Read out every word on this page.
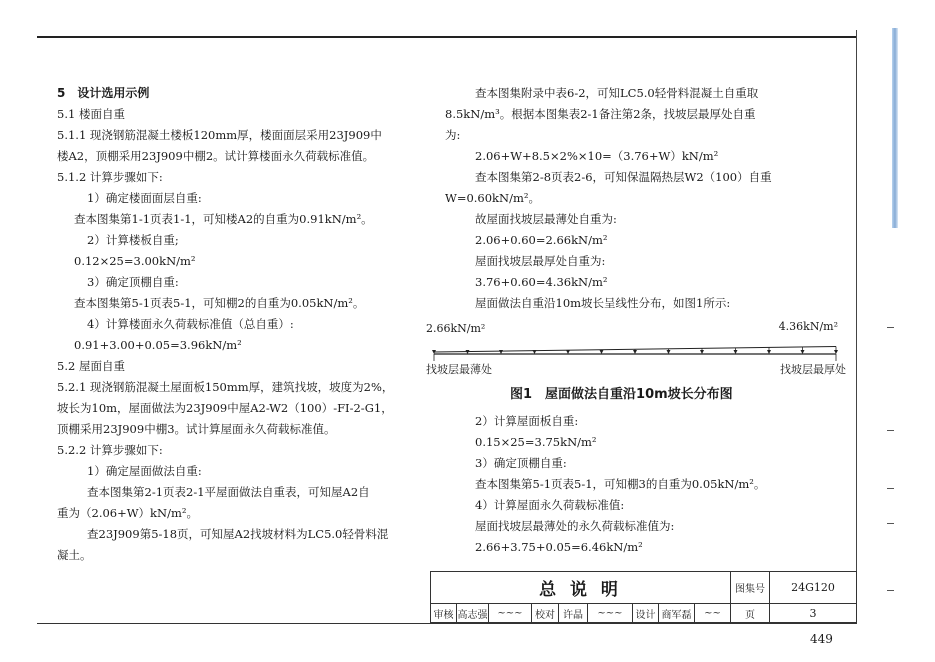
5　设计选用示例
5.1 楼面自重
5.1.1 现浇钢筋混凝土楼板120mm厚，楼面面层采用23J909中
楼A2，顶棚采用23J909中棚2。试计算楼面永久荷载标准值。
5.1.2 计算步骤如下:
1）确定楼面面层自重:
查本图集第1-1页表1-1，可知楼A2的自重为0.91kN/m²。
2）计算楼板自重;
0.12×25=3.00kN/m²
3）确定顶棚自重:
查本图集第5-1页表5-1，可知棚2的自重为0.05kN/m²。
4）计算楼面永久荷载标准值（总自重）:
0.91+3.00+0.05=3.96kN/m²
5.2 屋面自重
5.2.1 现浇钢筋混凝土屋面板150mm厚，建筑找坡，坡度为2%，
坡长为10m，屋面做法为23J909中屋A2-W2（100）-FI-2-G1，
顶棚采用23J909中棚3。试计算屋面永久荷载标准值。
5.2.2 计算步骤如下:
1）确定屋面做法自重:
查本图集第2-1页表2-1平屋面做法自重表，可知屋A2自
重为（2.06+W）kN/m²。
查23J909第5-18页，可知屋A2找坡材料为LC5.0轻骨料混
凝土。
查本图集附录中表6-2，可知LC5.0轻骨料混凝土自重取
8.5kN/m³。根据本图集表2-1备注第2条，找坡层最厚处自重
为:
2.06+W+8.5×2%×10=（3.76+W）kN/m²
查本图集第2-8页表2-6，可知保温隔热层W2（100）自重
W=0.60kN/m²。
故屋面找坡层最薄处自重为:
2.06+0.60=2.66kN/m²
屋面找坡层最厚处自重为:
3.76+0.60=4.36kN/m²
屋面做法自重沿10m坡长呈线性分布，如图1所示:
2.66kN/m²	4.36kN/m²
找坡层最薄处	找坡层最厚处
图1　屋面做法自重沿10m坡长分布图
2）计算屋面板自重:
0.15×25=3.75kN/m²
3）确定顶棚自重:
查本图集第5-1页表5-1，可知棚3的自重为0.05kN/m²。
4）计算屋面永久荷载标准值:
屋面找坡层最薄处的永久荷载标准值为:
2.66+3.75+0.05=6.46kN/m²
总 说 明	图集号	24G120
审核 高志强 ~~~	校对 许晶	~~~	设计 商军磊	~~	页	3
449
